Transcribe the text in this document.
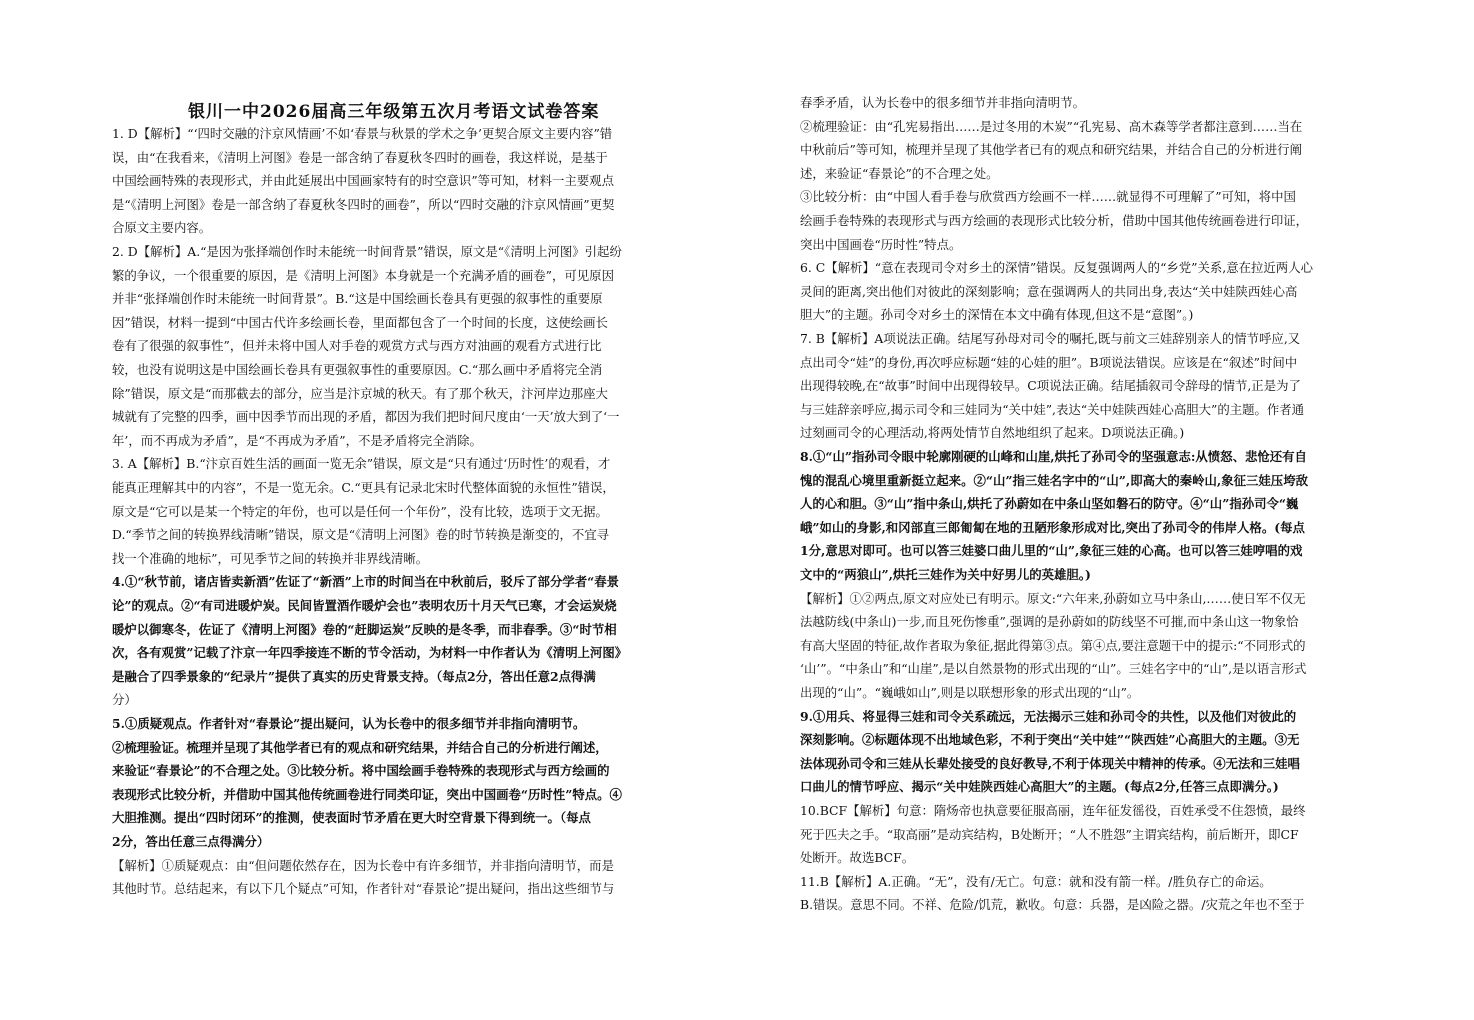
银川一中2026届高三年级第五次月考语文试卷答案
1. D【解析】“‘四时交融的汴京风情画’不如‘春景与秋景的学术之争’更契合原文主要内容”错
误，由“在我看来，《清明上河图》卷是一部含纳了春夏秋冬四时的画卷，我这样说，是基于
中国绘画特殊的表现形式，并由此延展出中国画家特有的时空意识”等可知，材料一主要观点
是“《清明上河图》卷是一部含纳了春夏秋冬四时的画卷”，所以“四时交融的汴京风情画”更契
合原文主要内容。
2. D【解析】A.“是因为张择端创作时未能统一时间背景”错误，原文是“《清明上河图》引起纷
繁的争议，一个很重要的原因，是《清明上河图》本身就是一个充满矛盾的画卷”，可见原因
并非“张择端创作时未能统一时间背景”。B.“这是中国绘画长卷具有更强的叙事性的重要原
因”错误，材料一提到“中国古代许多绘画长卷，里面都包含了一个时间的长度，这使绘画长
卷有了很强的叙事性”，但并未将中国人对手卷的观赏方式与西方对油画的观看方式进行比
较，也没有说明这是中国绘画长卷具有更强叙事性的重要原因。C.“那么画中矛盾将完全消
除”错误，原文是“而那截去的部分，应当是汴京城的秋天。有了那个秋天，汴河岸边那座大
城就有了完整的四季，画中因季节而出现的矛盾，都因为我们把时间尺度由‘一天’放大到了‘一
年’，而不再成为矛盾”，是“不再成为矛盾”，不是矛盾将完全消除。
3. A【解析】B.“汴京百姓生活的画面一览无余”错误，原文是“只有通过‘历时性’的观看，才
能真正理解其中的内容”，不是一览无余。C.“更具有记录北宋时代整体面貌的永恒性”错误，
原文是“它可以是某一个特定的年份，也可以是任何一个年份”，没有比较，选项于文无据。
D.“季节之间的转换界线清晰”错误，原文是“《清明上河图》卷的时节转换是渐变的，不宜寻
找一个准确的地标”，可见季节之间的转换并非界线清晰。
4.①“秋节前，诸店皆卖新酒”佐证了“新酒”上市的时间当在中秋前后，驳斥了部分学者“春景
论”的观点。②“有司进暖炉炭。民间皆置酒作暖炉会也”表明农历十月天气已寒，才会运炭烧
暖炉以御寒冬，佐证了《清明上河图》卷的“赶脚运炭”反映的是冬季，而非春季。③“时节相
次，各有观赏”记载了汴京一年四季接连不断的节令活动，为材料一中作者认为《清明上河图》
是融合了四季景象的“纪录片”提供了真实的历史背景支持。（每点2分，答出任意2点得满
分）
5.①质疑观点。作者针对“春景论”提出疑问，认为长卷中的很多细节并非指向清明节。
②梳理验证。梳理并呈现了其他学者已有的观点和研究结果，并结合自己的分析进行阐述，
来验证“春景论”的不合理之处。③比较分析。将中国绘画手卷特殊的表现形式与西方绘画的
表现形式比较分析，并借助中国其他传统画卷进行同类印证，突出中国画卷“历时性”特点。④
大胆推测。提出“四时闭环”的推测，使表面时节矛盾在更大时空背景下得到统一。（每点
2分，答出任意三点得满分）
【解析】①质疑观点：由“但问题依然存在，因为长卷中有许多细节，并非指向清明节，而是
其他时节。总结起来，有以下几个疑点”可知，作者针对“春景论”提出疑问，指出这些细节与
春季矛盾，认为长卷中的很多细节并非指向清明节。
②梳理验证：由“孔宪易指出……是过冬用的木炭”“孔宪易、高木森等学者都注意到……当在
中秋前后”等可知，梳理并呈现了其他学者已有的观点和研究结果，并结合自己的分析进行阐
述，来验证“春景论”的不合理之处。
③比较分析：由“中国人看手卷与欣赏西方绘画不一样……就显得不可理解了”可知，将中国
绘画手卷特殊的表现形式与西方绘画的表现形式比较分析，借助中国其他传统画卷进行印证，
突出中国画卷“历时性”特点。
6. C【解析】“意在表现司令对乡土的深情”错误。反复强调两人的“乡党”关系,意在拉近两人心
灵间的距离,突出他们对彼此的深刻影响；意在强调两人的共同出身,表达“关中娃陕西娃心高
胆大”的主题。孙司令对乡土的深情在本文中确有体现,但这不是“意图”。)
7. B【解析】A项说法正确。结尾写孙母对司令的嘱托,既与前文三娃辞别亲人的情节呼应,又
点出司令“娃”的身份,再次呼应标题“娃的心娃的胆”。B项说法错误。应该是在“叙述”时间中
出现得较晚,在“故事”时间中出现得较早。C项说法正确。结尾插叙司令辞母的情节,正是为了
与三娃辞亲呼应,揭示司令和三娃同为“关中娃”,表达“关中娃陕西娃心高胆大”的主题。作者通
过刻画司令的心理活动,将两处情节自然地组织了起来。D项说法正确。)
8.①“山”指孙司令眼中轮廓刚硬的山峰和山崖,烘托了孙司令的坚强意志:从愤怒、悲怆还有自
愧的混乱心境里重新挺立起来。②“山”指三娃名字中的“山”,即高大的秦岭山,象征三娃压垮敌
人的心和胆。③“山”指中条山,烘托了孙蔚如在中条山坚如磐石的防守。④“山”指孙司令“巍
峨”如山的身影,和冈部直三郎匍匐在地的丑陋形象形成对比,突出了孙司令的伟岸人格。(每点
1分,意思对即可。也可以答三娃婆口曲儿里的“山”,象征三娃的心高。也可以答三娃哼唱的戏
文中的“两狼山”,烘托三娃作为关中好男儿的英雄胆。)
【解析】①②两点,原文对应处已有明示。原文:“六年来,孙蔚如立马中条山,……使日军不仅无
法越防线(中条山)一步,而且死伤惨重”,强调的是孙蔚如的防线坚不可摧,而中条山这一物象恰
有高大坚固的特征,故作者取为象征,据此得第③点。第④点,要注意题干中的提示:“不同形式的
‘山’”。“中条山”和“山崖”,是以自然景物的形式出现的“山”。三娃名字中的“山”,是以语言形式
出现的“山”。“巍峨如山”,则是以联想形象的形式出现的“山”。
9.①用兵、将显得三娃和司令关系疏远，无法揭示三娃和孙司令的共性，以及他们对彼此的
深刻影响。②标题体现不出地域色彩，不利于突出“关中娃”“陕西娃”心高胆大的主题。③无
法体现孙司令和三娃从长辈处接受的良好教导,不利于体现关中精神的传承。④无法和三娃唱
口曲儿的情节呼应、揭示“关中娃陕西娃心高胆大”的主题。(每点2分,任答三点即满分。)
10.BCF【解析】句意：隋炀帝也执意要征服高丽，连年征发徭役，百姓承受不住怨愤，最终
死于匹夫之手。“取高丽”是动宾结构，B处断开；“人不胜怨”主谓宾结构，前后断开，即CF
处断开。故选BCF。
11.B【解析】A.正确。“无”，没有/无亡。句意：就和没有箭一样。/胜负存亡的命运。
B.错误。意思不同。不祥、危险/饥荒，歉收。句意：兵器，是凶险之器。/灾荒之年也不至于
